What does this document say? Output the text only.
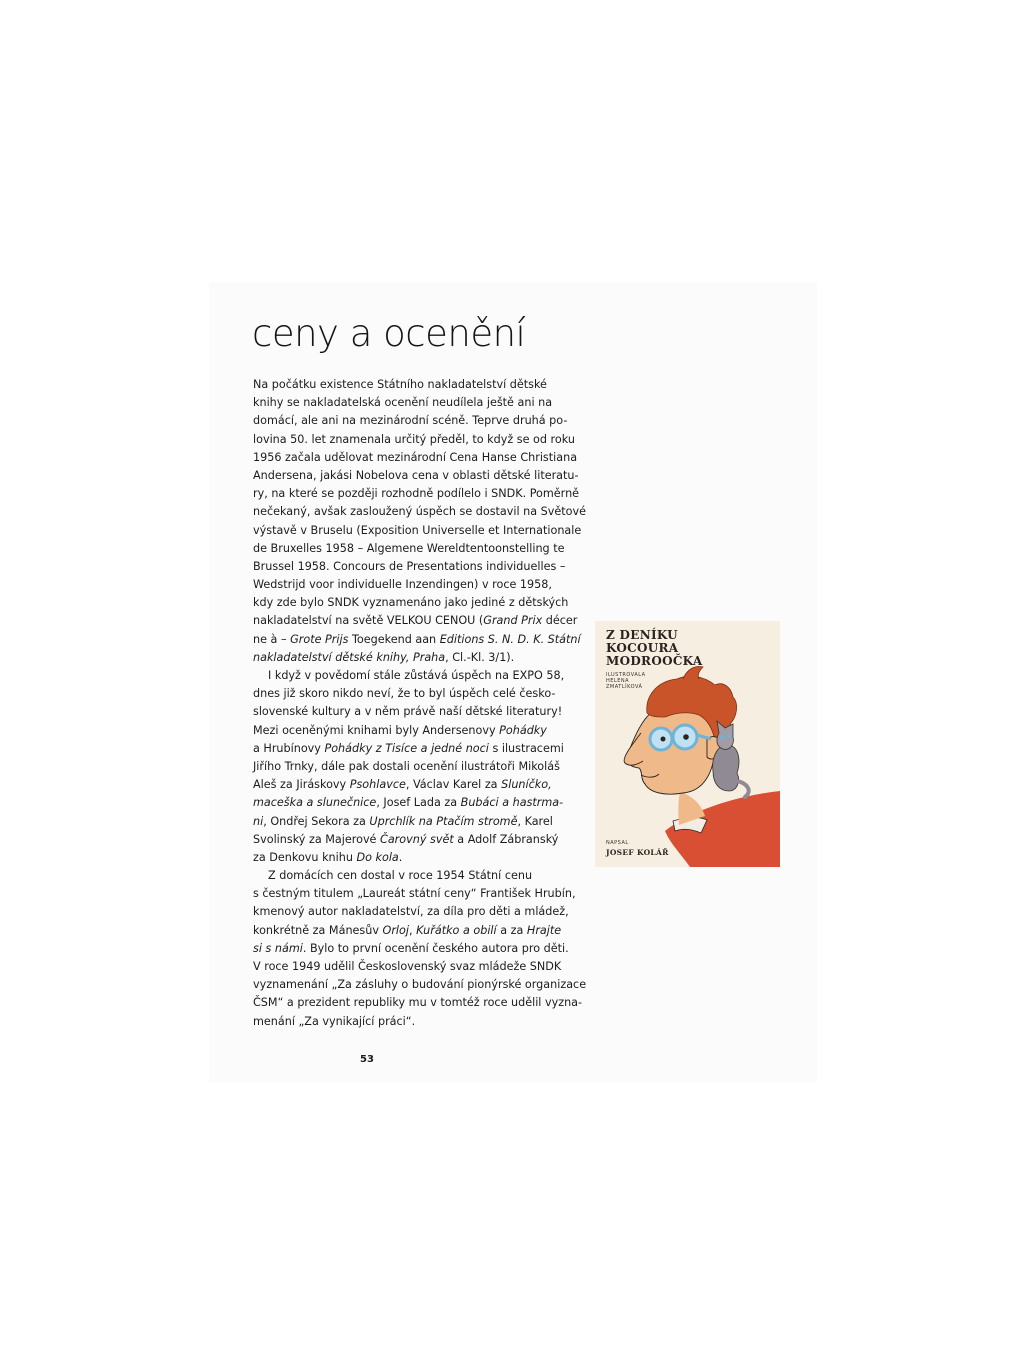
ceny a ocenění
Na počátku existence Státního nakladatelství dětské
knihy se nakladatelská ocenění neudílela ještě ani na
domácí, ale ani na mezinárodní scéně. Teprve druhá po-
lovina 50. let znamenala určitý předěl, to když se od roku
1956 začala udělovat mezinárodní Cena Hanse Christiana
Andersena, jakási Nobelova cena v oblasti dětské literatu-
ry, na které se později rozhodně podílelo i SNDK. Poměrně
nečekaný, avšak zasloužený úspěch se dostavil na Světové
výstavě v Bruselu (Exposition Universelle et Internationale
de Bruxelles 1958 – Algemene Wereldtentoonstelling te
Brussel 1958. Concours de Presentations individuelles –
Wedstrijd voor individuelle Inzendingen) v roce 1958,
kdy zde bylo SNDK vyznamenáno jako jediné z dětských
nakladatelství na světě VELKOU CENOU (Grand Prix décer
ne à – Grote Prijs Toegekend aan Editions S. N. D. K. Státní
nakladatelství dětské knihy, Praha, Cl.-Kl. 3/1).
I když v povědomí stále zůstává úspěch na EXPO 58,
dnes již skoro nikdo neví, že to byl úspěch celé česko-
slovenské kultury a v něm právě naší dětské literatury!
Mezi oceněnými knihami byly Andersenovy Pohádky
a Hrubínovy Pohádky z Tisíce a jedné noci s ilustracemi
Jiřího Trnky, dále pak dostali ocenění ilustrátoři Mikoláš
Aleš za Jiráskovy Psohlavce, Václav Karel za Sluníčko,
maceška a slunečnice, Josef Lada za Bubáci a hastrma-
ni, Ondřej Sekora za Uprchlík na Ptačím stromě, Karel
Svolinský za Majerové Čarovný svět a Adolf Zábranský
za Denkovu knihu Do kola.
Z domácích cen dostal v roce 1954 Státní cenu
s čestným titulem „Laureát státní ceny“ František Hrubín,
kmenový autor nakladatelství, za díla pro děti a mládež,
konkrétně za Mánesův Orloj, Kuřátko a obilí a za Hrajte
si s námi. Bylo to první ocenění českého autora pro děti.
V roce 1949 udělil Československý svaz mládeže SNDK
vyznamenání „Za zásluhy o budování pionýrské organizace
ČSM“ a prezident republiky mu v tomtéž roce udělil vyzna-
menání „Za vynikající práci“.
53
Z DENÍKU
KOCOURA
MODROOČKA
ILUSTROVALA
HELENA
ZMATLÍKOVÁ
NAPSAL
JOSEF KOLÁŘ
